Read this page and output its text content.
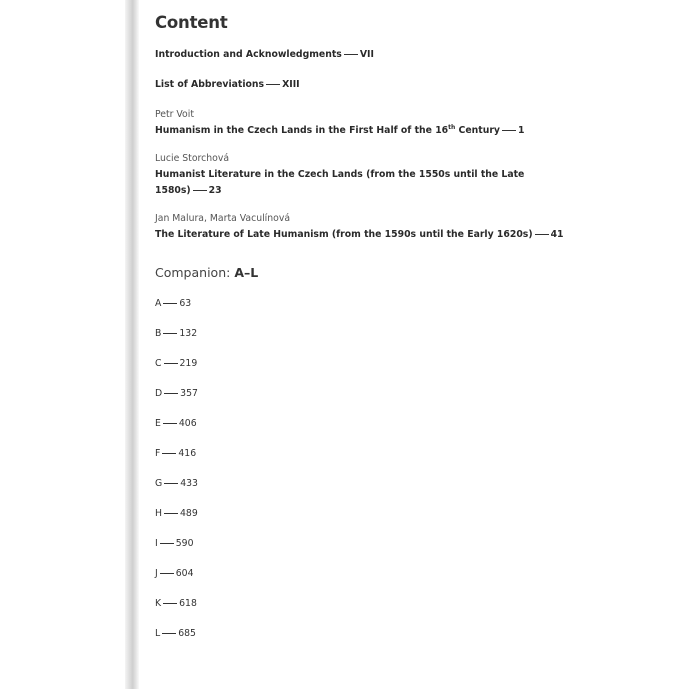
Content
Introduction and Acknowledgments VII
List of Abbreviations XIII
Petr Voit
Humanism in the Czech Lands in the First Half of the 16th Century 1
Lucie Storchová
Humanist Literature in the Czech Lands (from the 1550s until the Late
1580s) 23
Jan Malura, Marta Vaculínová
The Literature of Late Humanism (from the 1590s until the Early 1620s) 41
Companion: A–L
A 63
B 132
C 219
D 357
E 406
F 416
G 433
H 489
I 590
J 604
K 618
L 685
